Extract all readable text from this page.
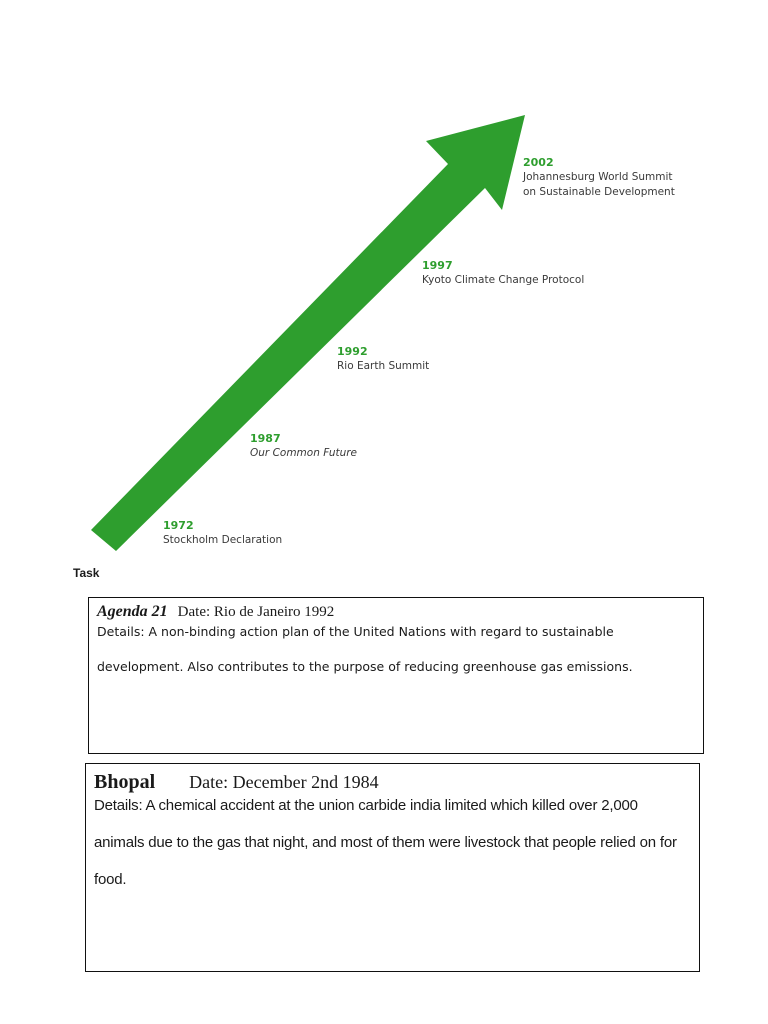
1972
Stockholm Declaration
1987
Our Common Future
1992
Rio Earth Summit
1997
Kyoto Climate Change Protocol
2002
Johannesburg World Summit
on Sustainable Development
Task
Agenda 21 Date: Rio de Janeiro 1992
Details: A non-binding action plan of the United Nations with regard to sustainable
development. Also contributes to the purpose of reducing greenhouse gas emissions.
Bhopal Date: December 2nd 1984
Details: A chemical accident at the union carbide india limited which killed over 2,000
animals due to the gas that night, and most of them were livestock that people relied on for
food.
